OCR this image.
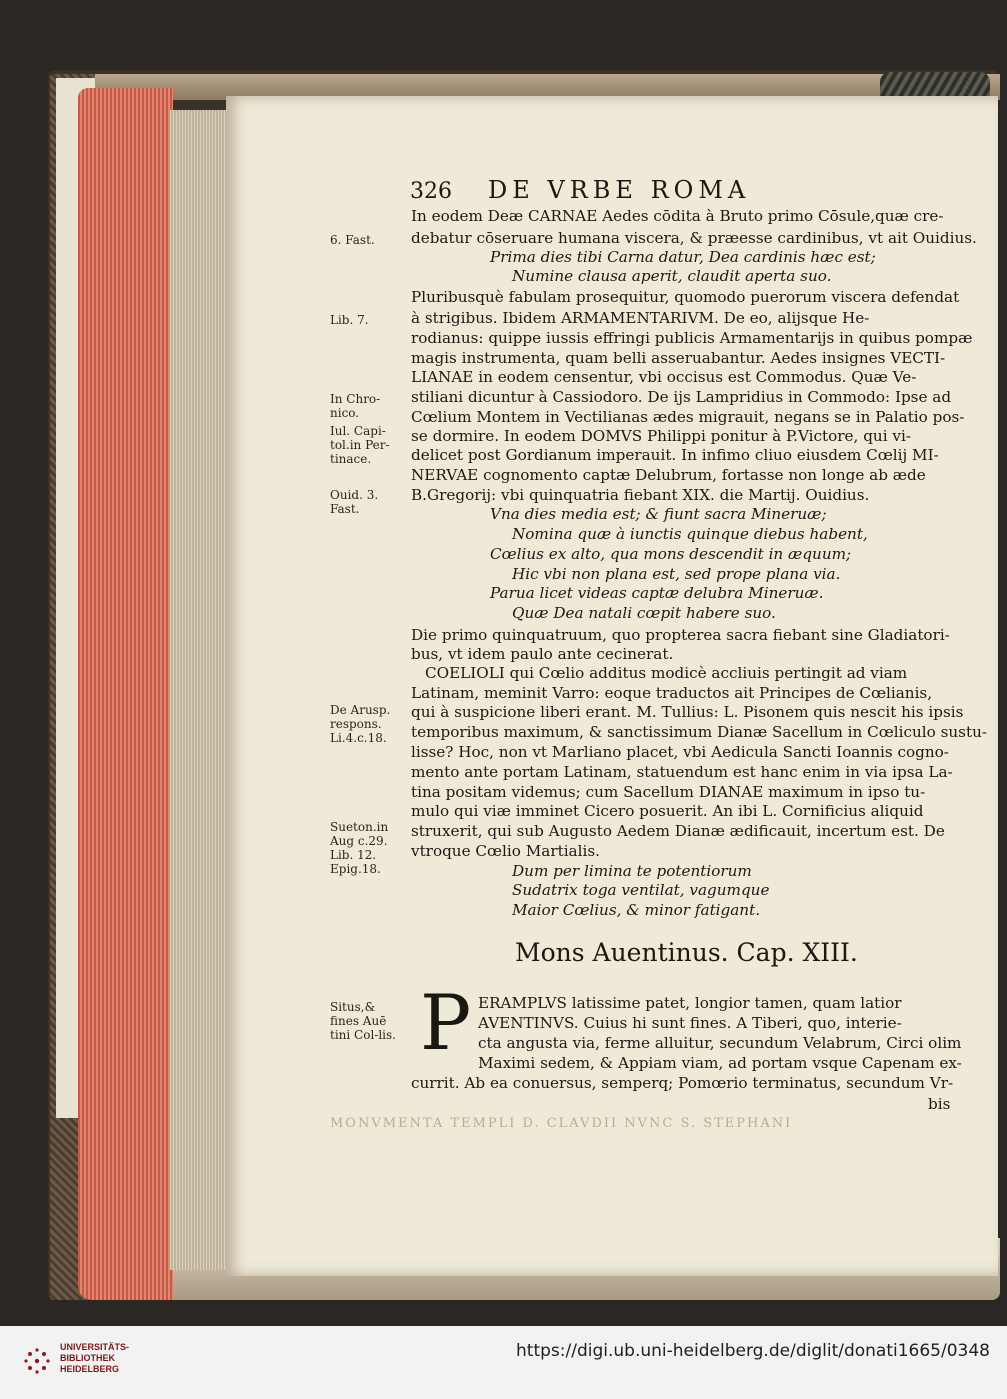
326 DE VRBE ROMA
6. Fast.
Lib. 7.
In Chro-nico.
Iul. Capi-tol.in Per-tinace.
Ouid. 3. Fast.
De Arusp. respons. Li.4.c.18.
Sueton.in Aug c.29. Lib. 12. Epig.18.
Situs,& fines Auē tini Col-lis.
In eodem Deæ CARNAE Aedes cōdita à Bruto primo Cōsule,quæ cre-
debatur cōseruare humana viscera, & præesse cardinibus, vt ait Ouidius.
Prima dies tibi Carna datur, Dea cardinis hæc est;
Numine clausa aperit, claudit aperta suo.
Pluribusquè fabulam prosequitur, quomodo puerorum viscera defendat
à strigibus. Ibidem ARMAMENTARIVM. De eo, alijsque He-
rodianus: quippe iussis effringi publicis Armamentarijs in quibus pompæ
magis instrumenta, quam belli asseruabantur. Aedes insignes VECTI-
LIANAE in eodem censentur, vbi occisus est Commodus. Quæ Ve-
stiliani dicuntur à Cassiodoro. De ijs Lampridius in Commodo: Ipse ad
Cœlium Montem in Vectilianas ædes migrauit, negans se in Palatio pos-
se dormire. In eodem DOMVS Philippi ponitur à P.Victore, qui vi-
delicet post Gordianum imperauit. In infimo cliuo eiusdem Cœlij MI-
NERVAE cognomento captæ Delubrum, fortasse non longe ab æde
B.Gregorij: vbi quinquatria fiebant XIX. die Martij. Ouidius.
Vna dies media est; & fiunt sacra Mineruæ;
Nomina quæ à iunctis quinque diebus habent,
Cœlius ex alto, qua mons descendit in æquum;
Hic vbi non plana est, sed prope plana via.
Parua licet videas captæ delubra Mineruæ.
Quæ Dea natali cœpit habere suo.
Die primo quinquatruum, quo propterea sacra fiebant sine Gladiatori-
bus, vt idem paulo ante cecinerat.
COELIOLI qui Cœlio additus modicè accliuis pertingit ad viam
Latinam, meminit Varro: eoque traductos ait Principes de Cœlianis,
qui à suspicione liberi erant. M. Tullius: L. Pisonem quis nescit his ipsis
temporibus maximum, & sanctissimum Dianæ Sacellum in Cœliculo sustu-
lisse? Hoc, non vt Marliano placet, vbi Aedicula Sancti Ioannis cogno-
mento ante portam Latinam, statuendum est hanc enim in via ipsa La-
tina positam videmus; cum Sacellum DIANAE maximum in ipso tu-
mulo qui viæ imminet Cicero posuerit. An ibi L. Cornificius aliquid
struxerit, qui sub Augusto Aedem Dianæ ædificauit, incertum est. De
vtroque Cœlio Martialis.
Dum per limina te potentiorum
Sudatrix toga ventilat, vagumque
Maior Cœlius, & minor fatigant.
Mons Auentinus. Cap. XIII.
P ERAMPLVS latissime patet, longior tamen, quam latior
AVENTINVS. Cuius hi sunt fines. A Tiberi, quo, interie-
cta angusta via, ferme alluitur, secundum Velabrum, Circi olim
Maximi sedem, & Appiam viam, ad portam vsque Capenam ex-
currit. Ab ea conuersus, semperq; Pomœrio terminatus, secundum Vr-
bis
MONVMENTA TEMPLI D. CLAVDII NVNC S. STEPHANI
UNIVERSITÄTS-
BIBLIOTHEK
HEIDELBERG
https://digi.ub.uni-heidelberg.de/diglit/donati1665/0348
